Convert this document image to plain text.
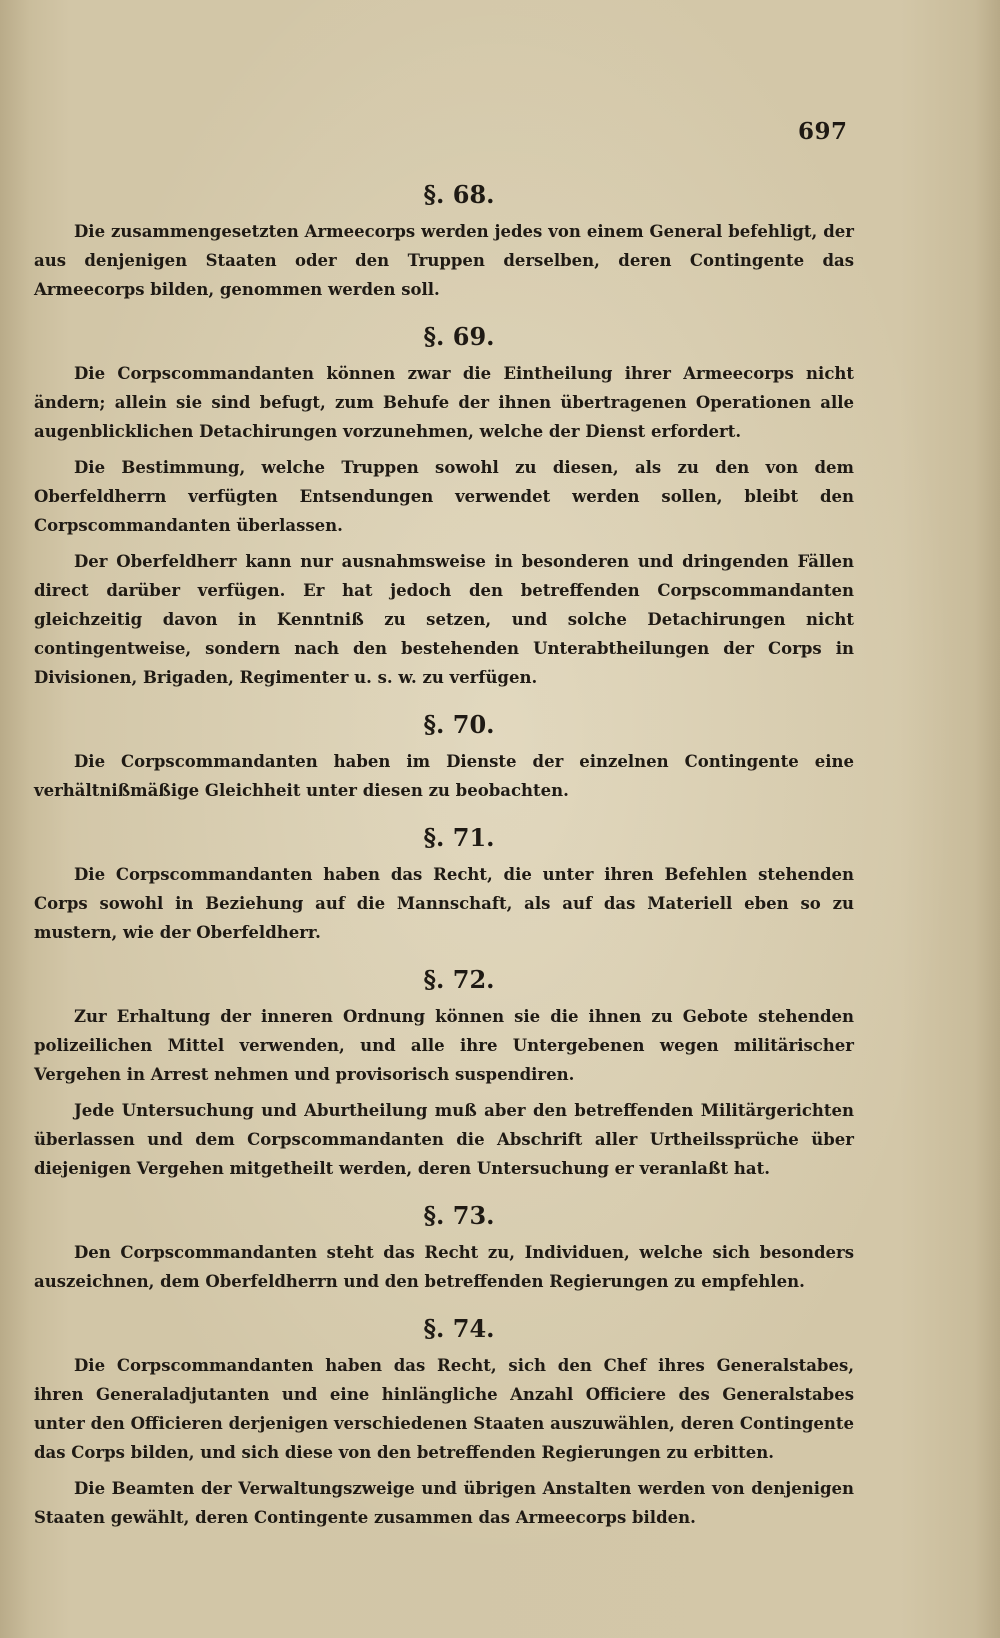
697
§. 68.

Die zusammengesetzten Armeecorps werden jedes von einem General befehligt, der aus denjenigen Staaten oder den Truppen derselben, deren Contingente das Armeecorps bilden, genommen werden soll.

§. 69.

Die Corpscommandanten können zwar die Eintheilung ihrer Armeecorps nicht ändern; allein sie sind befugt, zum Behufe der ihnen übertragenen Operationen alle augenblicklichen Detachirungen vorzunehmen, welche der Dienst erfordert.

Die Bestimmung, welche Truppen sowohl zu diesen, als zu den von dem Oberfeldherrn verfügten Entsendungen verwendet werden sollen, bleibt den Corpscommandanten überlassen.

Der Oberfeldherr kann nur ausnahmsweise in besonderen und dringenden Fällen direct darüber verfügen. Er hat jedoch den betreffenden Corpscommandanten gleichzeitig davon in Kenntniß zu setzen, und solche Detachirungen nicht contingentweise, sondern nach den bestehenden Unterabtheilungen der Corps in Divisionen, Brigaden, Regimenter u. s. w. zu verfügen.

§. 70.

Die Corpscommandanten haben im Dienste der einzelnen Contingente eine verhältnißmäßige Gleichheit unter diesen zu beobachten.

§. 71.

Die Corpscommandanten haben das Recht, die unter ihren Befehlen stehenden Corps sowohl in Beziehung auf die Mannschaft, als auf das Materiell eben so zu mustern, wie der Oberfeldherr.

§. 72.

Zur Erhaltung der inneren Ordnung können sie die ihnen zu Gebote stehenden polizeilichen Mittel verwenden, und alle ihre Untergebenen wegen militärischer Vergehen in Arrest nehmen und provisorisch suspendiren.

Jede Untersuchung und Aburtheilung muß aber den betreffenden Militärgerichten überlassen und dem Corpscommandanten die Abschrift aller Urtheilssprüche über diejenigen Vergehen mitgetheilt werden, deren Untersuchung er veranlaßt hat.

§. 73.

Den Corpscommandanten steht das Recht zu, Individuen, welche sich besonders auszeichnen, dem Oberfeldherrn und den betreffenden Regierungen zu empfehlen.

§. 74.

Die Corpscommandanten haben das Recht, sich den Chef ihres Generalstabes, ihren Generaladjutanten und eine hinlängliche Anzahl Officiere des Generalstabes unter den Officieren derjenigen verschiedenen Staaten auszuwählen, deren Contingente das Corps bilden, und sich diese von den betreffenden Regierungen zu erbitten.

Die Beamten der Verwaltungszweige und übrigen Anstalten werden von denjenigen Staaten gewählt, deren Contingente zusammen das Armeecorps bilden.
